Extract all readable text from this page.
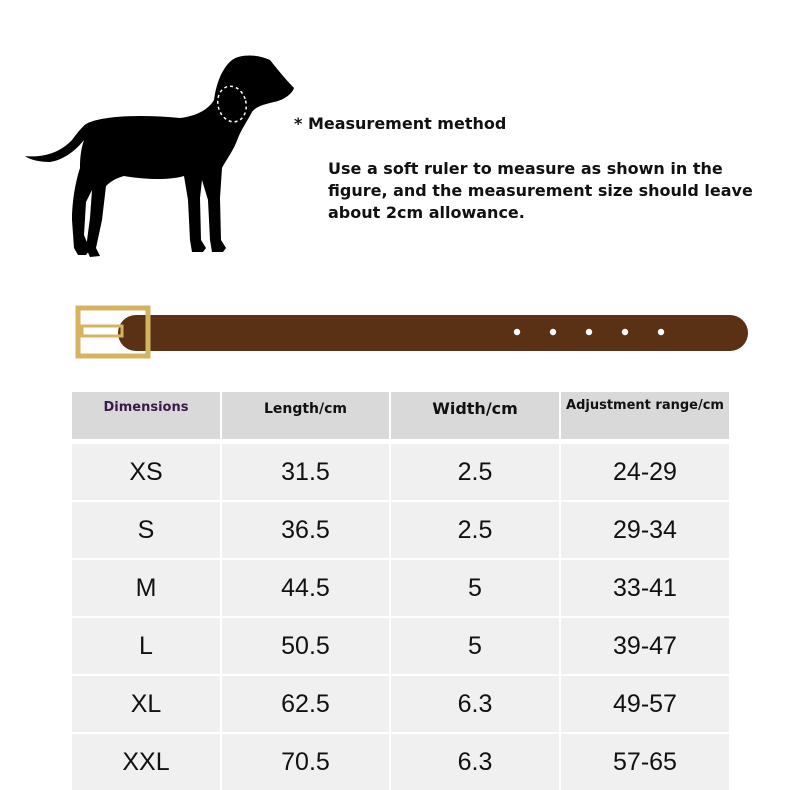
* Measurement method
Use a soft ruler to measure as shown in the figure, and the measurement size should leave about 2cm allowance.
Dimensions	Length/cm	Width/cm	Adjustment range/cm

XS	31.5	2.5	24-29
S	36.5	2.5	29-34
M	44.5	5	33-41
L	50.5	5	39-47
XL	62.5	6.3	49-57
XXL	70.5	6.3	57-65
